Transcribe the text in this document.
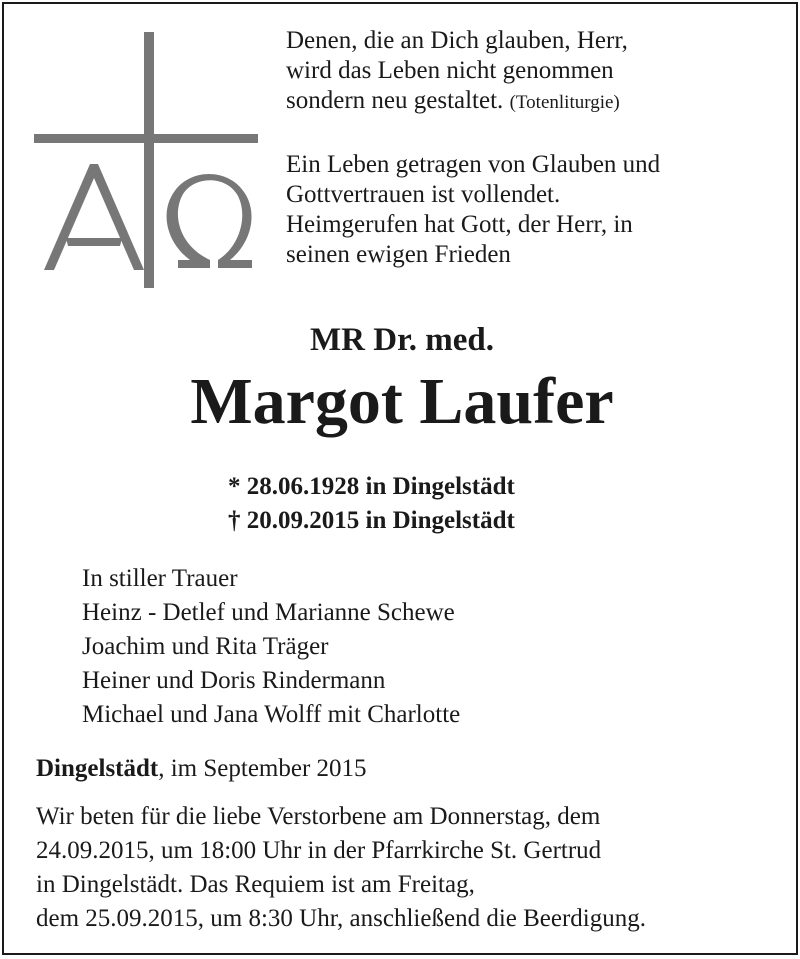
Denen, die an Dich glauben, Herr,
wird das Leben nicht genommen
sondern neu gestaltet. (Totenliturgie)
Ein Leben getragen von Glauben und
Gottvertrauen ist vollendet.
Heimgerufen hat Gott, der Herr, in
seinen ewigen Frieden
MR Dr. med.
Margot Laufer
* 28.06.1928 in Dingelstädt
† 20.09.2015 in Dingelstädt
In stiller Trauer
Heinz - Detlef und Marianne Schewe
Joachim und Rita Träger
Heiner und Doris Rindermann
Michael und Jana Wolff mit Charlotte
Dingelstädt, im September 2015
Wir beten für die liebe Verstorbene am Donnerstag, dem
24.09.2015, um 18:00 Uhr in der Pfarrkirche St. Gertrud
in Dingelstädt. Das Requiem ist am Freitag,
dem 25.09.2015, um 8:30 Uhr, anschließend die Beerdigung.
